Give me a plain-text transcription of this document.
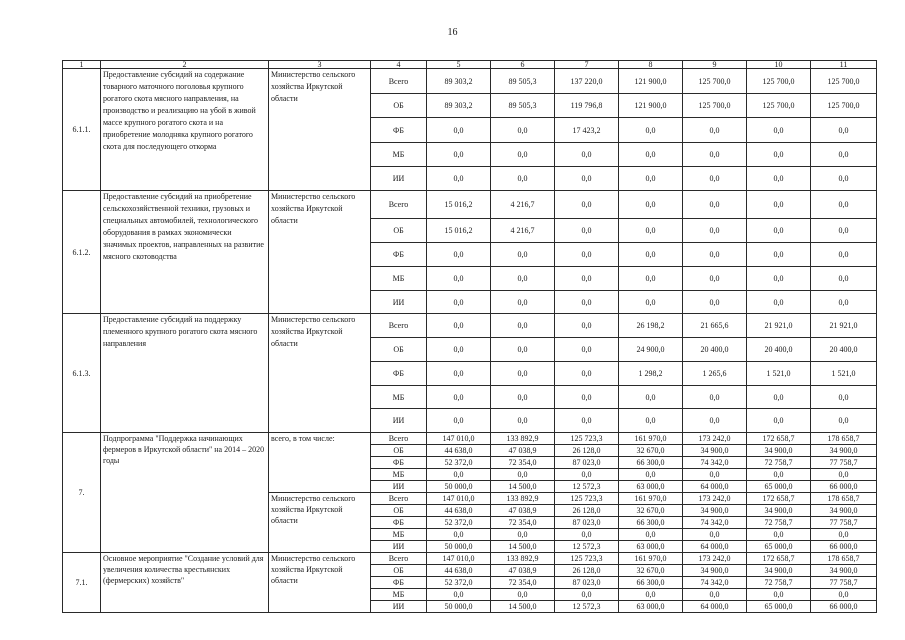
16
1	2	3	4	5	6	7	8	9	10	11
6.1.1.	Предоставление субсидий на содержание товарного маточного поголовья крупного рогатого скота мясного направления, на производство и реализацию на убой в живой массе крупного рогатого скота и на приобретение молодняка крупного рогатого скота для последующего откорма	Министерство сельского хозяйства Иркутской области	Всего	89 303,2	89 505,3	137 220,0	121 900,0	125 700,0	125 700,0	125 700,0
			ОБ	89 303,2	89 505,3	119 796,8	121 900,0	125 700,0	125 700,0	125 700,0
			ФБ	0,0	0,0	17 423,2	0,0	0,0	0,0	0,0
			МБ	0,0	0,0	0,0	0,0	0,0	0,0	0,0
			ИИ	0,0	0,0	0,0	0,0	0,0	0,0	0,0
6.1.2.	Предоставление субсидий на приобретение сельскохозяйственной техники, грузовых и специальных автомобилей, технологического оборудования в рамках экономически значимых проектов, направленных на развитие мясного скотоводства	Министерство сельского хозяйства Иркутской области	Всего	15 016,2	4 216,7	0,0	0,0	0,0	0,0	0,0
			ОБ	15 016,2	4 216,7	0,0	0,0	0,0	0,0	0,0
			ФБ	0,0	0,0	0,0	0,0	0,0	0,0	0,0
			МБ	0,0	0,0	0,0	0,0	0,0	0,0	0,0
			ИИ	0,0	0,0	0,0	0,0	0,0	0,0	0,0
6.1.3.	Предоставление субсидий на поддержку племенного крупного рогатого скота мясного направления	Министерство сельского хозяйства Иркутской области	Всего	0,0	0,0	0,0	26 198,2	21 665,6	21 921,0	21 921,0
			ОБ	0,0	0,0	0,0	24 900,0	20 400,0	20 400,0	20 400,0
			ФБ	0,0	0,0	0,0	1 298,2	1 265,6	1 521,0	1 521,0
			МБ	0,0	0,0	0,0	0,0	0,0	0,0	0,0
			ИИ	0,0	0,0	0,0	0,0	0,0	0,0	0,0
7.	Подпрограмма "Поддержка начинающих фермеров в Иркутской области" на 2014 – 2020 годы	всего, в том числе:	Всего	147 010,0	133 892,9	125 723,3	161 970,0	173 242,0	172 658,7	178 658,7
			ОБ	44 638,0	47 038,9	26 128,0	32 670,0	34 900,0	34 900,0	34 900,0
			ФБ	52 372,0	72 354,0	87 023,0	66 300,0	74 342,0	72 758,7	77 758,7
			МБ	0,0	0,0	0,0	0,0	0,0	0,0	0,0
			ИИ	50 000,0	14 500,0	12 572,3	63 000,0	64 000,0	65 000,0	66 000,0
		Министерство сельского хозяйства Иркутской области	Всего	147 010,0	133 892,9	125 723,3	161 970,0	173 242,0	172 658,7	178 658,7
			ОБ	44 638,0	47 038,9	26 128,0	32 670,0	34 900,0	34 900,0	34 900,0
			ФБ	52 372,0	72 354,0	87 023,0	66 300,0	74 342,0	72 758,7	77 758,7
			МБ	0,0	0,0	0,0	0,0	0,0	0,0	0,0
			ИИ	50 000,0	14 500,0	12 572,3	63 000,0	64 000,0	65 000,0	66 000,0
7.1.	Основное мероприятие "Создание условий для увеличения количества крестьянских (фермерских) хозяйств"	Министерство сельского хозяйства Иркутской области	Всего	147 010,0	133 892,9	125 723,3	161 970,0	173 242,0	172 658,7	178 658,7
			ОБ	44 638,0	47 038,9	26 128,0	32 670,0	34 900,0	34 900,0	34 900,0
			ФБ	52 372,0	72 354,0	87 023,0	66 300,0	74 342,0	72 758,7	77 758,7
			МБ	0,0	0,0	0,0	0,0	0,0	0,0	0,0
			ИИ	50 000,0	14 500,0	12 572,3	63 000,0	64 000,0	65 000,0	66 000,0
